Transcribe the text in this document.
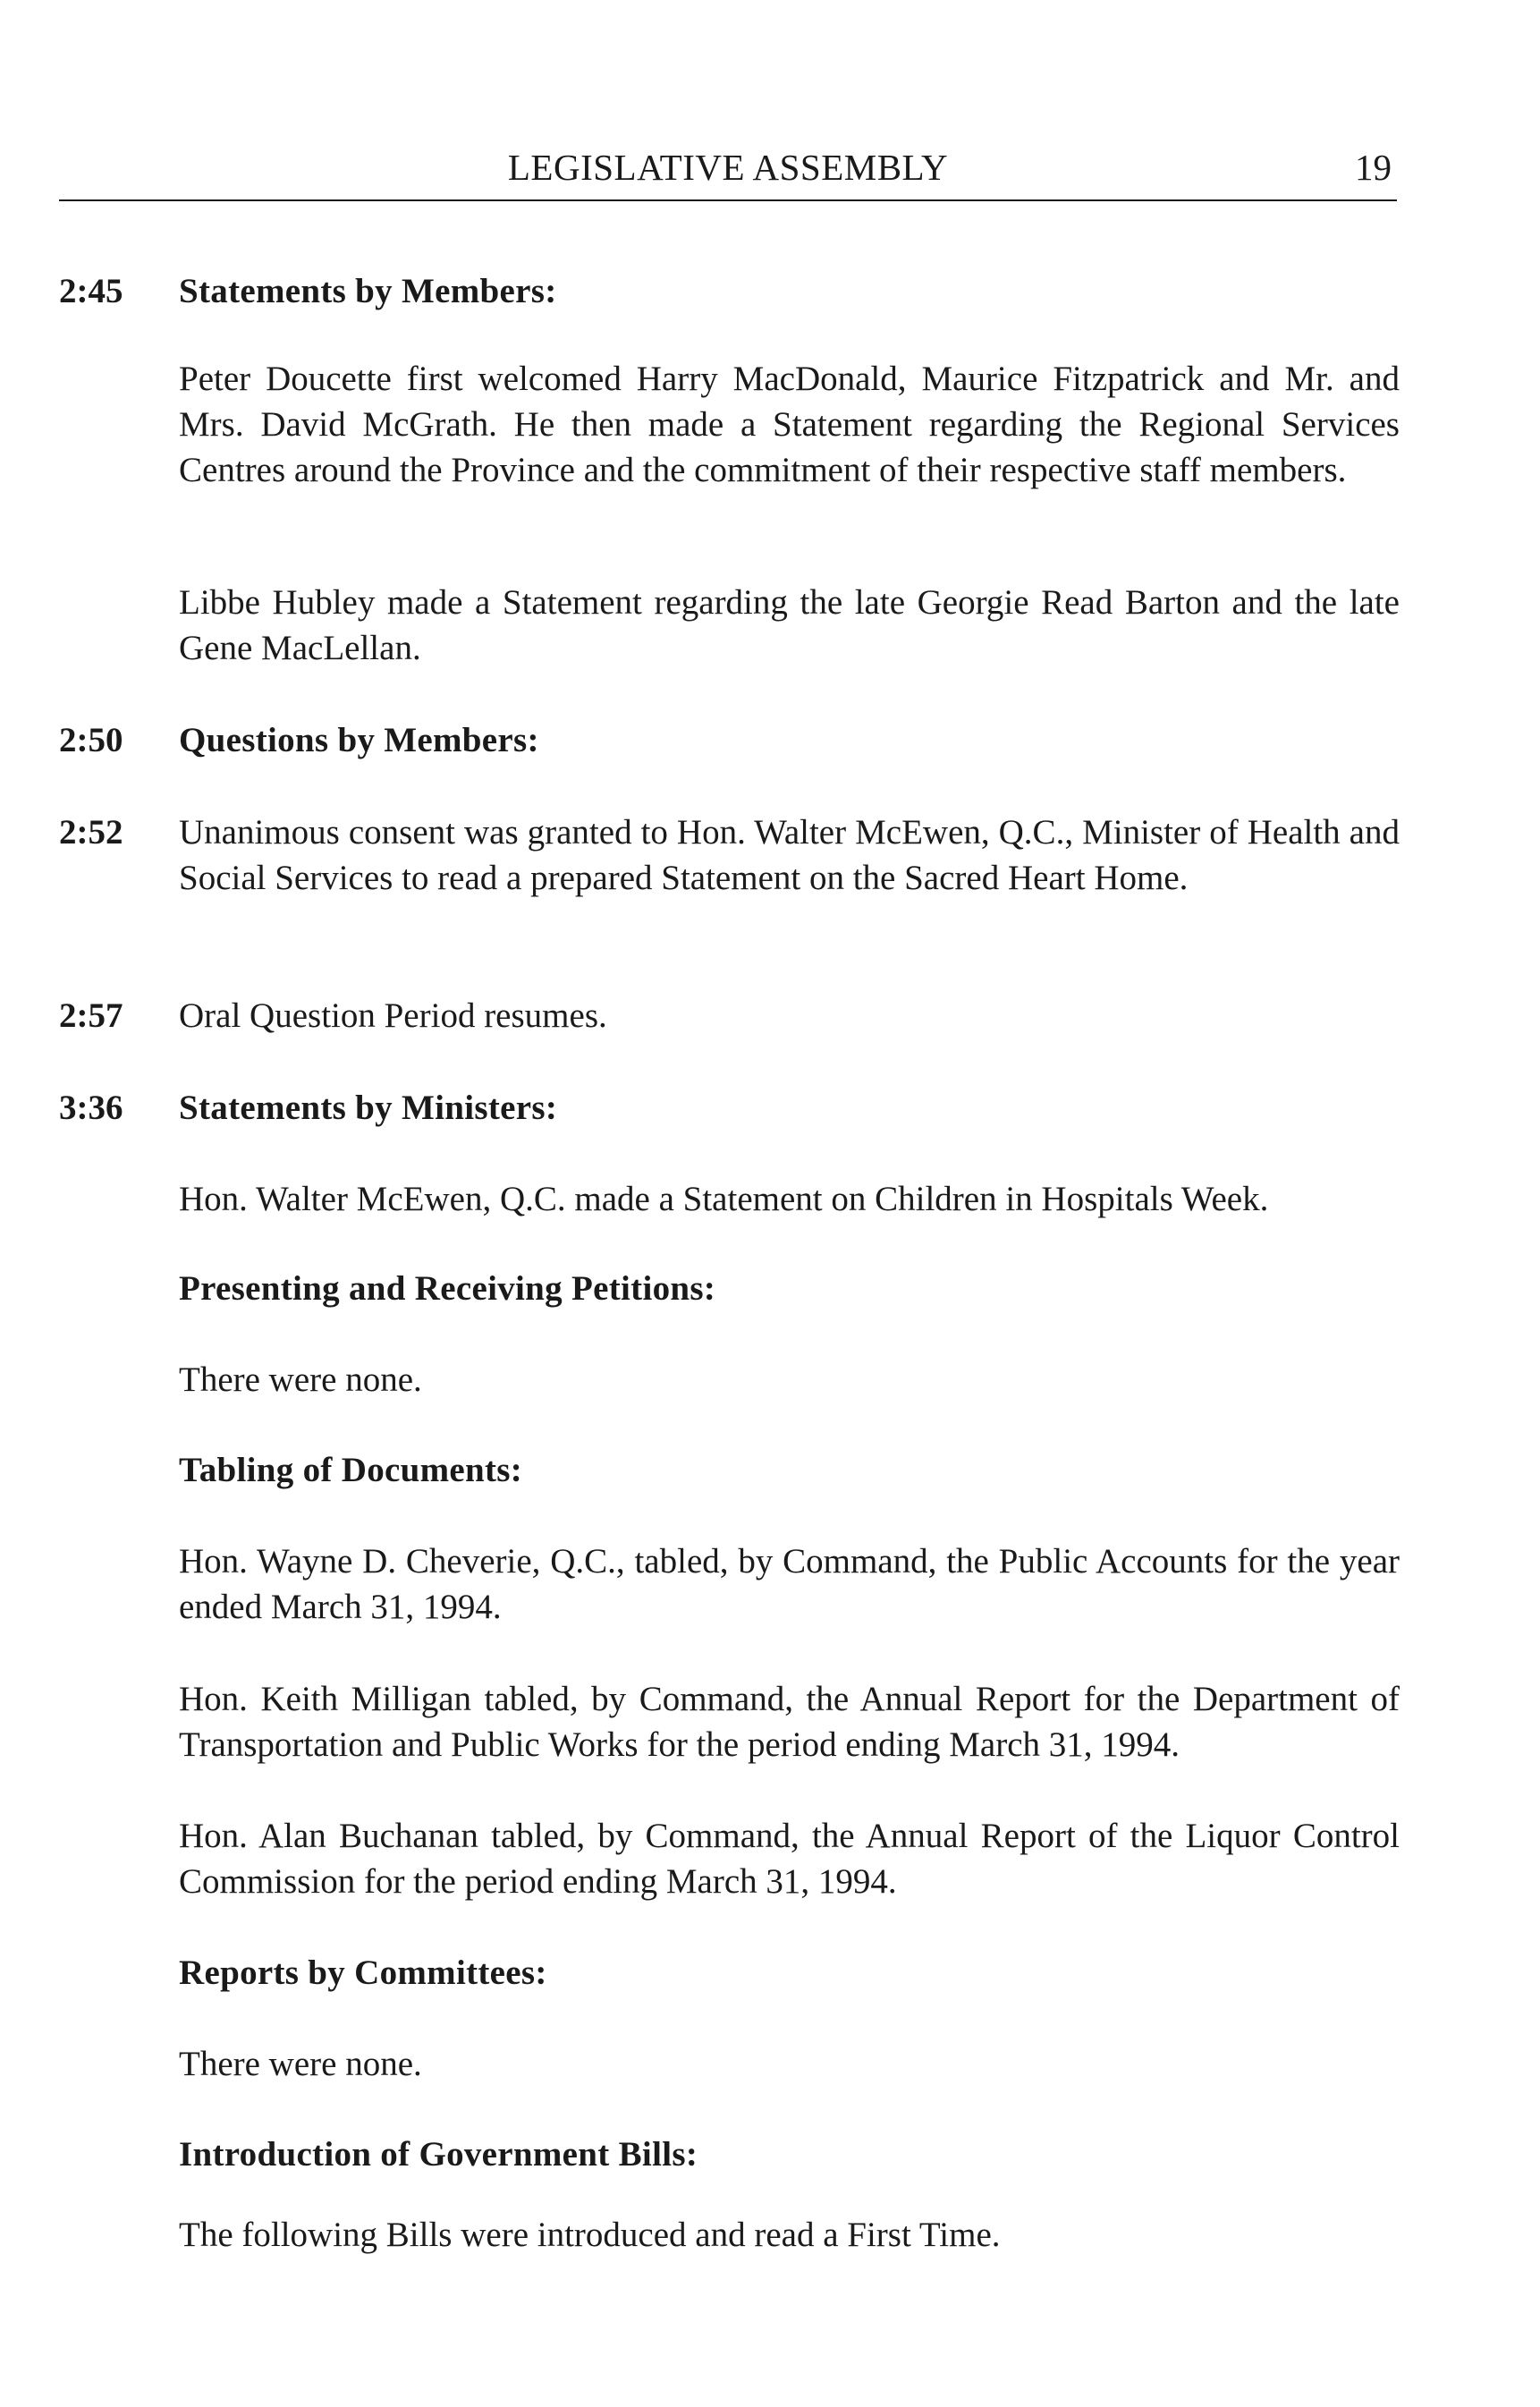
LEGISLATIVE ASSEMBLY	19
2:45 Statements by Members:

Peter Doucette first welcomed Harry MacDonald, Maurice Fitzpatrick and Mr. and Mrs. David McGrath. He then made a Statement regarding the Regional Services Centres around the Province and the commitment of their respective staff members.

Libbe Hubley made a Statement regarding the late Georgie Read Barton and the late Gene MacLellan.

2:50 Questions by Members:
2:52 Unanimous consent was granted to Hon. Walter McEwen, Q.C., Minister of Health and Social Services to read a prepared Statement on the Sacred Heart Home.

2:57 Oral Question Period resumes.

3:36 Statements by Ministers:

Hon. Walter McEwen, Q.C. made a Statement on Children in Hospitals Week.

Presenting and Receiving Petitions:

There were none.

Tabling of Documents:

Hon. Wayne D. Cheverie, Q.C., tabled, by Command, the Public Accounts for the year ended March 31, 1994.

Hon. Keith Milligan tabled, by Command, the Annual Report for the Department of Transportation and Public Works for the period ending March 31, 1994.

Hon. Alan Buchanan tabled, by Command, the Annual Report of the Liquor Control Commission for the period ending March 31, 1994.

Reports by Committees:

There were none.

Introduction of Government Bills:

The following Bills were introduced and read a First Time.
